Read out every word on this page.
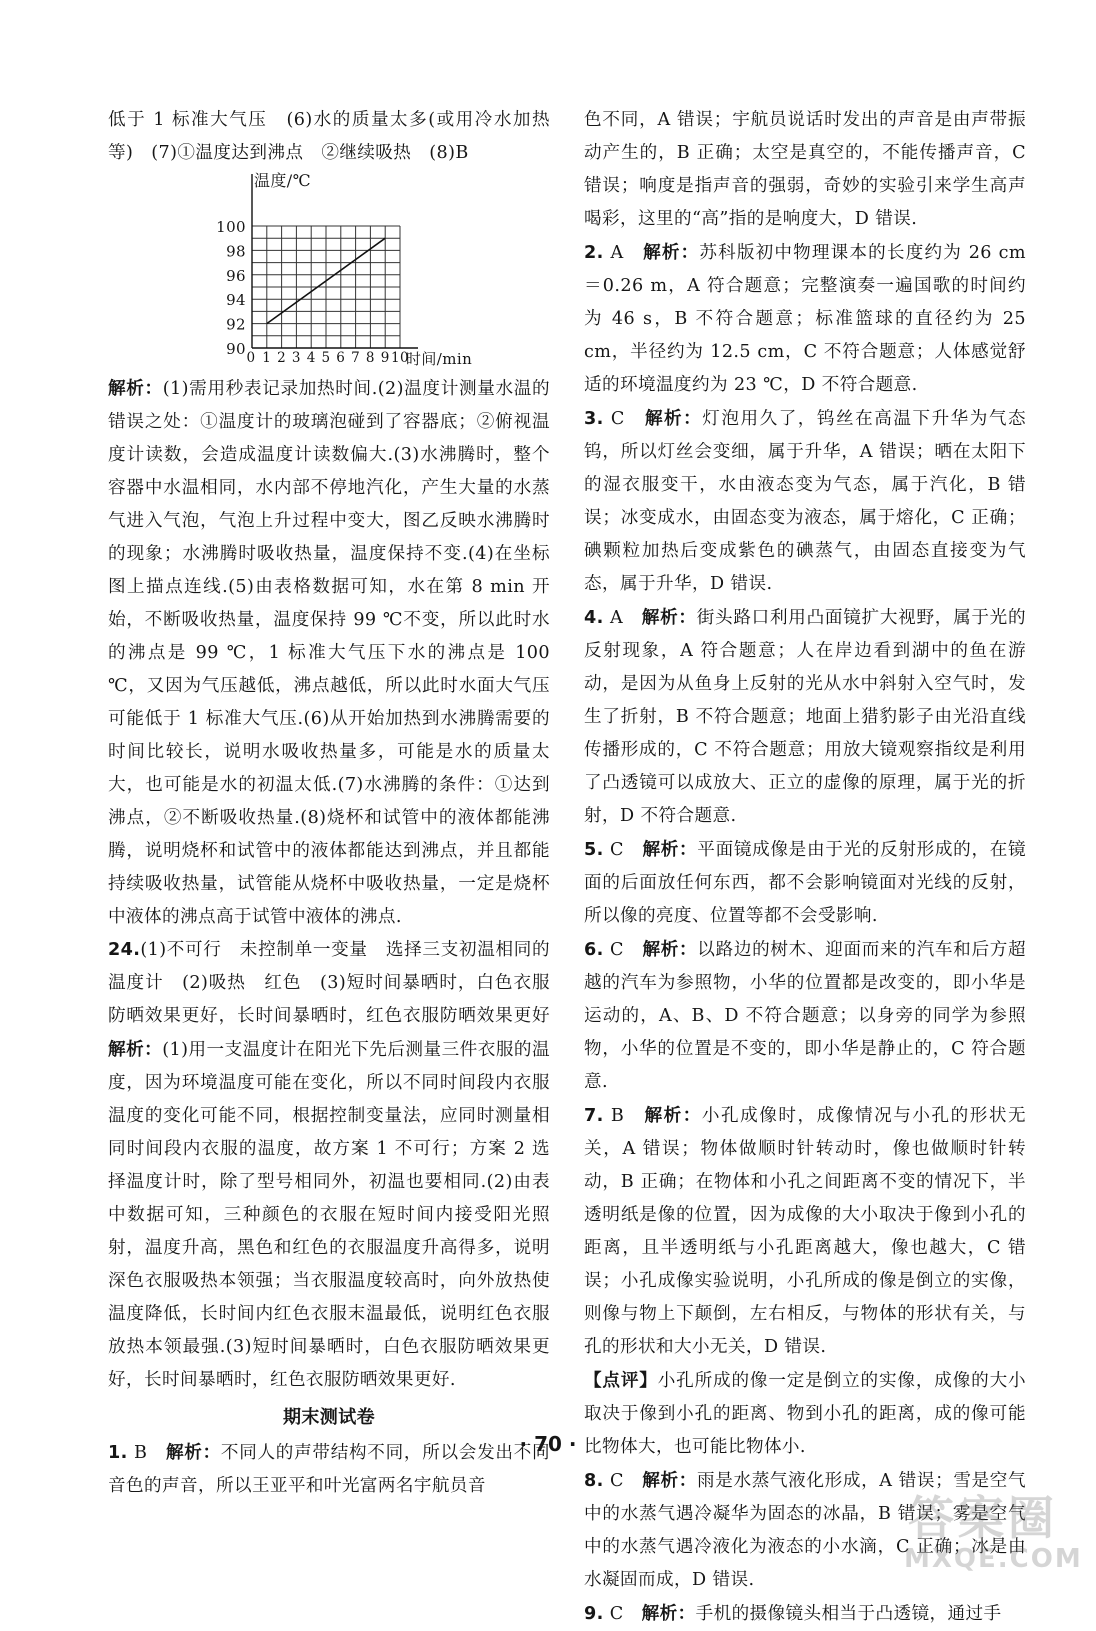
低于 1 标准大气压　(6)水的质量太多(或用冷水加热等)　(7)①温度达到沸点　②继续吸热　(8)B

90
92
94
96
98
100
0 1 2 3 4 5 6 7 8 9 10
温度/℃
时间/min

解析：(1)需用秒表记录加热时间.(2)温度计测量水温的错误之处：①温度计的玻璃泡碰到了容器底；②俯视温度计读数，会造成温度计读数偏大.(3)水沸腾时，整个容器中水温相同，水内部不停地汽化，产生大量的水蒸气进入气泡，气泡上升过程中变大，图乙反映水沸腾时的现象；水沸腾时吸收热量，温度保持不变.(4)在坐标图上描点连线.(5)由表格数据可知，水在第 8 min 开始，不断吸收热量，温度保持 99 ℃不变，所以此时水的沸点是 99 ℃，1 标准大气压下水的沸点是 100 ℃，又因为气压越低，沸点越低，所以此时水面大气压可能低于 1 标准大气压.(6)从开始加热到水沸腾需要的时间比较长，说明水吸收热量多，可能是水的质量太大，也可能是水的初温太低.(7)水沸腾的条件：①达到沸点，②不断吸收热量.(8)烧杯和试管中的液体都能沸腾，说明烧杯和试管中的液体都能达到沸点，并且都能持续吸收热量，试管能从烧杯中吸收热量，一定是烧杯中液体的沸点高于试管中液体的沸点.

24.(1)不可行　未控制单一变量　选择三支初温相同的温度计　(2)吸热　红色　(3)短时间暴晒时，白色衣服防晒效果更好，长时间暴晒时，红色衣服防晒效果更好　解析：(1)用一支温度计在阳光下先后测量三件衣服的温度，因为环境温度可能在变化，所以不同时间段内衣服温度的变化可能不同，根据控制变量法，应同时测量相同时间段内衣服的温度，故方案 1 不可行；方案 2 选择温度计时，除了型号相同外，初温也要相同.(2)由表中数据可知，三种颜色的衣服在短时间内接受阳光照射，温度升高，黑色和红色的衣服温度升高得多，说明深色衣服吸热本领强；当衣服温度较高时，向外放热使温度降低，长时间内红色衣服末温最低，说明红色衣服放热本领最强.(3)短时间暴晒时，白色衣服防晒效果更好，长时间暴晒时，红色衣服防晒效果更好.

期末测试卷

1. B　解析：不同人的声带结构不同，所以会发出不同音色的声音，所以王亚平和叶光富两名宇航员音

色不同，A 错误；宇航员说话时发出的声音是由声带振动产生的，B 正确；太空是真空的，不能传播声音，C 错误；响度是指声音的强弱，奇妙的实验引来学生高声喝彩，这里的“高”指的是响度大，D 错误.

2. A　解析：苏科版初中物理课本的长度约为 26 cm＝0.26 m，A 符合题意；完整演奏一遍国歌的时间约为 46 s，B 不符合题意；标准篮球的直径约为 25 cm，半径约为 12.5 cm，C 不符合题意；人体感觉舒适的环境温度约为 23 ℃，D 不符合题意.

3. C　解析：灯泡用久了，钨丝在高温下升华为气态钨，所以灯丝会变细，属于升华，A 错误；晒在太阳下的湿衣服变干，水由液态变为气态，属于汽化，B 错误；冰变成水，由固态变为液态，属于熔化，C 正确；碘颗粒加热后变成紫色的碘蒸气，由固态直接变为气态，属于升华，D 错误.

4. A　解析：街头路口利用凸面镜扩大视野，属于光的反射现象，A 符合题意；人在岸边看到湖中的鱼在游动，是因为从鱼身上反射的光从水中斜射入空气时，发生了折射，B 不符合题意；地面上猎豹影子由光沿直线传播形成的，C 不符合题意；用放大镜观察指纹是利用了凸透镜可以成放大、正立的虚像的原理，属于光的折射，D 不符合题意.

5. C　解析：平面镜成像是由于光的反射形成的，在镜面的后面放任何东西，都不会影响镜面对光线的反射，所以像的亮度、位置等都不会受影响.

6. C　解析：以路边的树木、迎面而来的汽车和后方超越的汽车为参照物，小华的位置都是改变的，即小华是运动的，A、B、D 不符合题意；以身旁的同学为参照物，小华的位置是不变的，即小华是静止的，C 符合题意.

7. B　解析：小孔成像时，成像情况与小孔的形状无关，A 错误；物体做顺时针转动时，像也做顺时针转动，B 正确；在物体和小孔之间距离不变的情况下，半透明纸是像的位置，因为成像的大小取决于像到小孔的距离，且半透明纸与小孔距离越大，像也越大，C 错误；小孔成像实验说明，小孔所成的像是倒立的实像，则像与物上下颠倒，左右相反，与物体的形状有关，与孔的形状和大小无关，D 错误.

【点评】小孔所成的像一定是倒立的实像，成像的大小取决于像到小孔的距离、物到小孔的距离，成的像可能比物体大，也可能比物体小.

8. C　解析：雨是水蒸气液化形成，A 错误；雪是空气中的水蒸气遇冷凝华为固态的冰晶，B 错误；雾是空气中的水蒸气遇冷液化为液态的小水滴，C 正确；冰是由水凝固而成，D 错误.

9. C　解析：手机的摄像镜头相当于凸透镜，通过手

· 70 ·
答案圈
MXQE.COM
